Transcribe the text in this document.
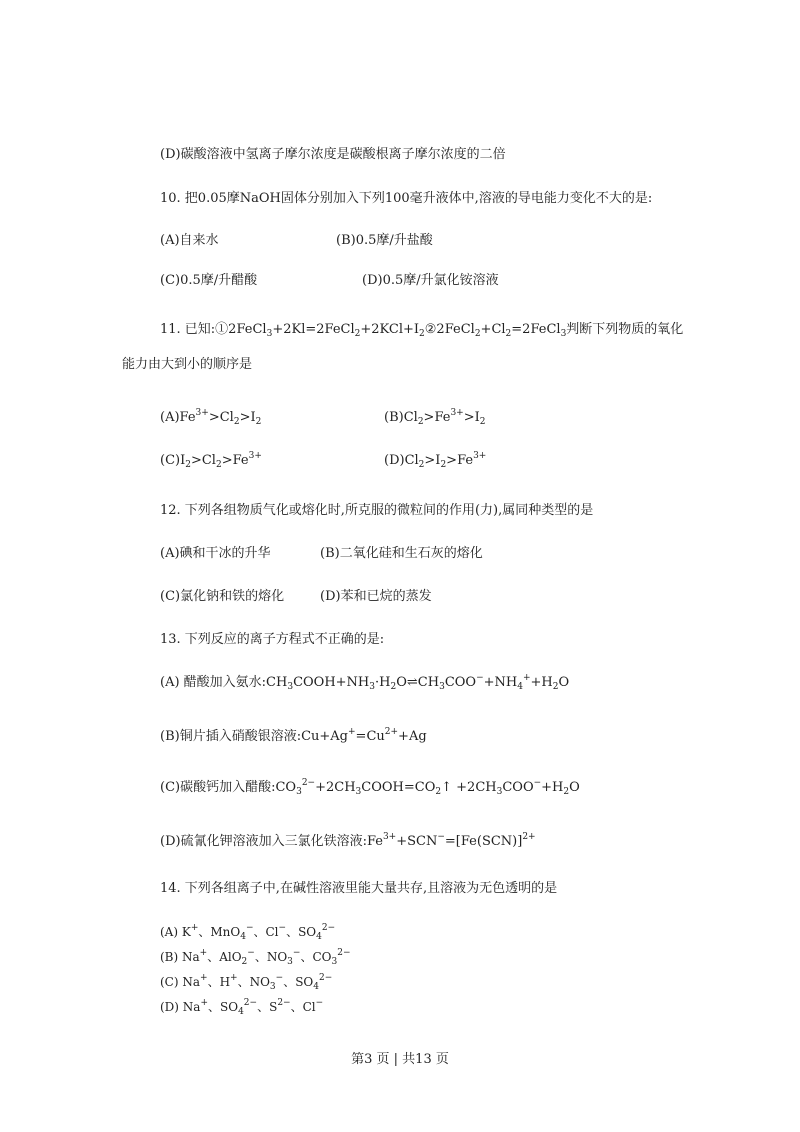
(D)碳酸溶液中氢离子摩尔浓度是碳酸根离子摩尔浓度的二倍
10. 把0.05摩NaOH固体分别加入下列100毫升液体中,溶液的导电能力变化不大的是:
(A)自来水	(B)0.5摩/升盐酸
(C)0.5摩/升醋酸	(D)0.5摩/升氯化铵溶液
11. 已知$:①2FeCl_3+2Kl=2FeCl_2+2KCl+I_2②2FeCl_2+Cl_2=2FeCl_3$判断下列物质的氧化
能力由大到小的顺序是
$(A)Fe^{3+}>Cl_2>I_2$	$(B)Cl_2>Fe^{3+}>I_2$
$(C)I_2>Cl_2>Fe^{3+}$	$(D)Cl_2>I_2>Fe^{3+}$
12. 下列各组物质气化或熔化时,所克服的微粒间的作用(力),属同种类型的是
(A)碘和干冰的升华	(B)二氧化硅和生石灰的熔化
(C)氯化钠和铁的熔化	(D)苯和已烷的蒸发
13. 下列反应的离子方程式不正确的是:
(A) 醋酸加入氨水$:CH_3COOH+NH_3\cdot H_2O\rightleftharpoons CH_3COO^-+NH_4^++H_2O$
(B)铜片插入硝酸银溶液$:Cu+Ag^+=Cu^{2+}+Ag$
(C)碳酸钙加入醋酸$:CO_3^{2-}+2CH_3COOH=CO_2↑ +2CH_3COO^-+H_2O$
(D)硫氰化钾溶液加入三氯化铁溶液$:Fe^{3+}+SCN^-=[Fe(SCN)]^{2+}$
14. 下列各组离子中,在碱性溶液里能大量共存,且溶液为无色透明的是
(A) K+、MnO$_4$−、Cl−、$SO_4^{2-}$
(B) Na+、AlO$_2$−、$NO_3^-$、$CO_3^{2-}$
(C) Na+、H+、$NO_3^-$、$SO_4^{2-}$
(D) Na+、$SO_4^{2-}$、$S^{2-}$、Cl−
第3 页 | 共13 页
